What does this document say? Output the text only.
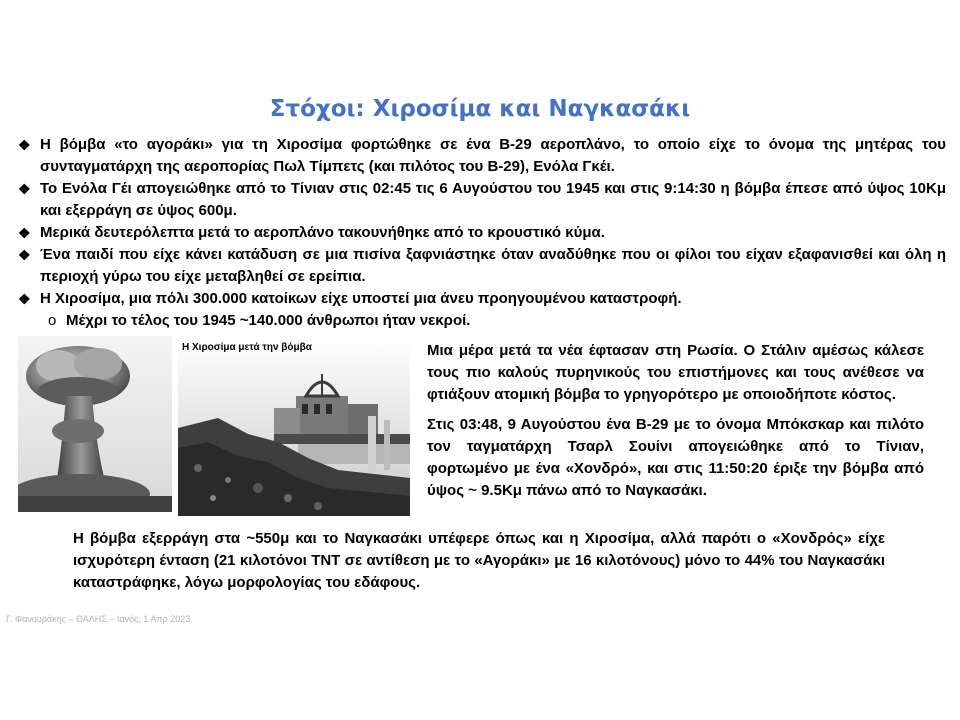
Στόχοι: Χιροσίμα και Ναγκασάκι
❖ Η βόμβα «το αγοράκι» για τη Χιροσίμα φορτώθηκε σε ένα B-29 αεροπλάνο, το οποίο είχε το όνομα της μητέρας του συνταγματάρχη της αεροπορίας Πωλ Τίμπετς (και πιλότος του B-29), Ενόλα Γκέι.
❖ Το Ενόλα Γέι απογειώθηκε από το Τίνιαν στις 02:45 τις 6 Αυγούστου του 1945 και στις 9:14:30 η βόμβα έπεσε από ύψος 10Κμ και εξερράγη σε ύψος 600μ.
❖ Μερικά δευτερόλεπτα μετά το αεροπλάνο τακουνήθηκε από το κρουστικό κύμα.
❖ Ένα παιδί που είχε κάνει κατάδυση σε μια πισίνα ξαφνιάστηκε όταν αναδύθηκε που οι φίλοι του είχαν εξαφανισθεί και όλη η περιοχή γύρω του είχε μεταβληθεί σε ερείπια.
❖ Η Χιροσίμα, μια πόλι 300.000 κατοίκων είχε υποστεί μια άνευ προηγουμένου καταστροφή.
o Μέχρι το τέλος του 1945 ~140.000 άνθρωποι ήταν νεκροί.
Η Χιροσίμα μετά την βόμβα	Μια μέρα μετά τα νέα έφτασαν στη Ρωσία. Ο Στάλιν αμέσως κάλεσε τους πιο καλούς πυρηνικούς του επιστήμονες και τους ανέθεσε να φτιάξουν ατομική βόμβα το γρηγορότερο με οποιοδήποτε κόστος.

Στις 03:48, 9 Αυγούστου ένα B-29 με το όνομα Μπόκσκαρ και πιλότο τον ταγματάρχη Τσαρλ Σουίνι απογειώθηκε από το Τίνιαν, φορτωμένο με ένα «Χονδρό», και στις 11:50:20 έριξε την βόμβα από ύψος ~ 9.5Κμ πάνω από το Ναγκασάκι.

Η βόμβα εξερράγη στα ~550μ και το Ναγκασάκι υπέφερε όπως και η Χιροσίμα, αλλά παρότι ο «Χονδρός» είχε ισχυρότερη ένταση (21 κιλοτόνοι TNT σε αντίθεση με το «Αγοράκι» με 16 κιλοτόνους) μόνο το 44% του Ναγκασάκι καταστράφηκε, λόγω μορφολογίας του εδάφους.
Γ. Φανουράκης – ΘΑΛΗΣ – Ιανός, 1 Απρ 2023
